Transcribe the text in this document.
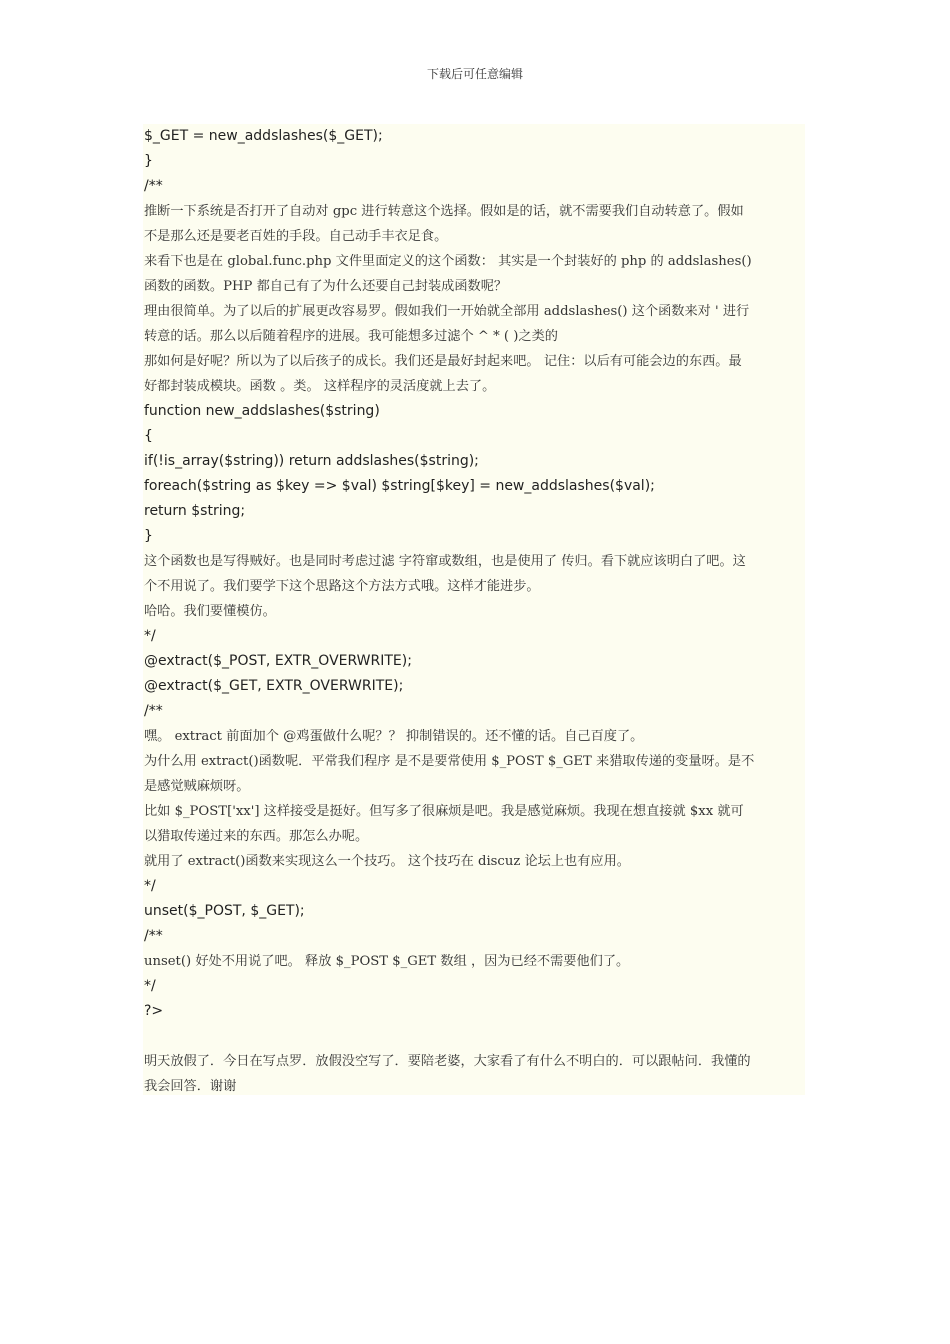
下载后可任意编辑
$_GET = new_addslashes($_GET);
}
/**
推断一下系统是否打开了自动对 gpc 进行转意这个选择。假如是的话，就不需要我们自动转意了。假如
不是那么还是要老百姓的手段。自己动手丰衣足食。
来看下也是在 global.func.php 文件里面定义的这个函数： 其实是一个封装好的 php 的 addslashes()
函数的函数。PHP 都自己有了为什么还要自己封装成函数呢？
理由很简单。为了以后的扩展更改容易罗。假如我们一开始就全部用 addslashes() 这个函数来对 ' 进行
转意的话。那么以后随着程序的进展。我可能想多过滤个 ^ * ( )之类的
那如何是好呢？所以为了以后孩子的成长。我们还是最好封起来吧。 记住：以后有可能会边的东西。最
好都封装成模块。函数 。类。 这样程序的灵活度就上去了。
function new_addslashes($string)
{
if(!is_array($string)) return addslashes($string);
foreach($string as $key => $val) $string[$key] = new_addslashes($val);
return $string;
}
这个函数也是写得贼好。也是同时考虑过滤 字符窜或数组，也是使用了 传归。看下就应该明白了吧。这
个不用说了。我们要学下这个思路这个方法方式哦。这样才能进步。
哈哈。我们要懂模仿。
*/
@extract($_POST, EXTR_OVERWRITE);
@extract($_GET, EXTR_OVERWRITE);
/**
嘿。 extract 前面加个 @鸡蛋做什么呢？？ 抑制错误的。还不懂的话。自己百度了。
为什么用 extract()函数呢．平常我们程序 是不是要常使用 $_POST $_GET 来猎取传递的变量呀。是不
是感觉贼麻烦呀。
比如 $_POST['xx'] 这样接受是挺好。但写多了很麻烦是吧。我是感觉麻烦。我现在想直接就 $xx 就可
以猎取传递过来的东西。那怎么办呢。
就用了 extract()函数来实现这么一个技巧。 这个技巧在 discuz 论坛上也有应用。
*/
unset($_POST, $_GET);
/**
unset() 好处不用说了吧。 释放 $_POST $_GET 数组 ，因为已经不需要他们了。
*/
?>
明天放假了．今日在写点罗．放假没空写了．要陪老婆，大家看了有什么不明白的．可以跟帖问．我懂的
我会回答．谢谢
